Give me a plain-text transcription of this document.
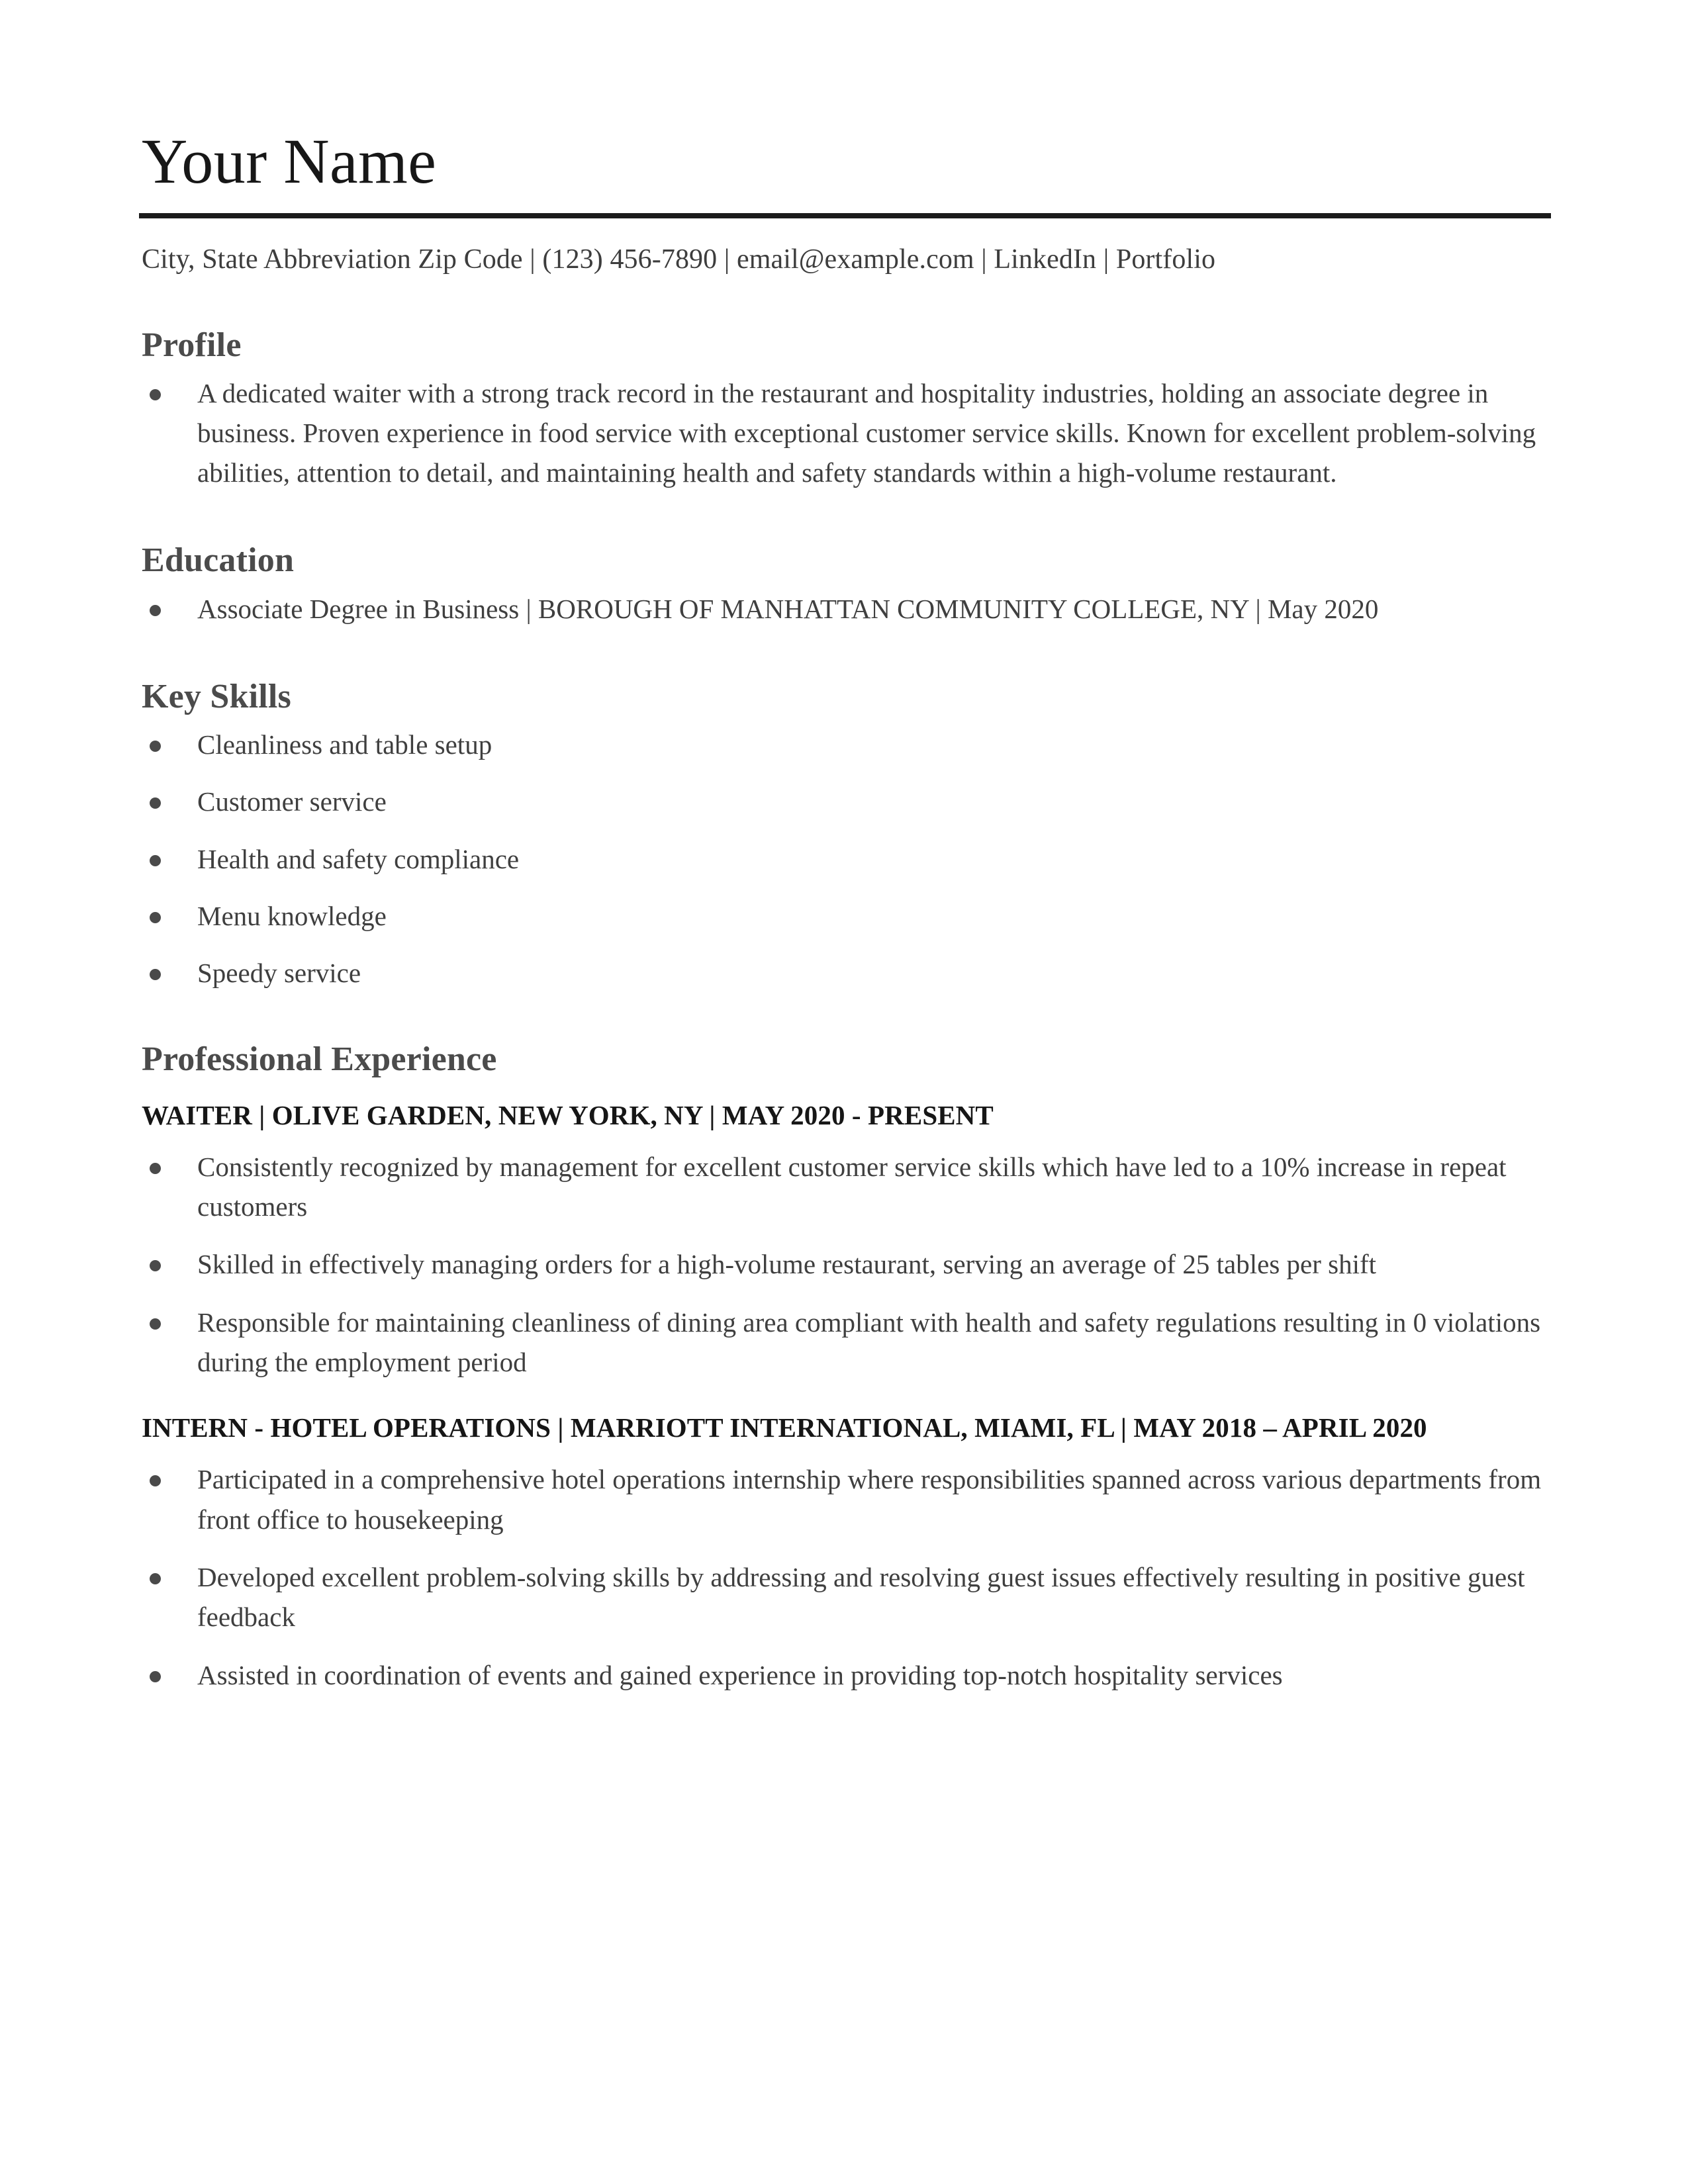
Your Name
City, State Abbreviation Zip Code | (123) 456-7890 | email@example.com | LinkedIn | Portfolio
Profile
A dedicated waiter with a strong track record in the restaurant and hospitality industries, holding an associate degree in business. Proven experience in food service with exceptional customer service skills. Known for excellent problem-solving abilities, attention to detail, and maintaining health and safety standards within a high-volume restaurant.
Education
Associate Degree in Business | BOROUGH OF MANHATTAN COMMUNITY COLLEGE, NY | May 2020
Key Skills
Cleanliness and table setup
Customer service
Health and safety compliance
Menu knowledge
Speedy service
Professional Experience
WAITER | OLIVE GARDEN, NEW YORK, NY | MAY 2020 - PRESENT
Consistently recognized by management for excellent customer service skills which have led to a 10% increase in repeat customers
Skilled in effectively managing orders for a high-volume restaurant, serving an average of 25 tables per shift
Responsible for maintaining cleanliness of dining area compliant with health and safety regulations resulting in 0 violations during the employment period
INTERN - HOTEL OPERATIONS | MARRIOTT INTERNATIONAL, MIAMI, FL | MAY 2018 – APRIL 2020
Participated in a comprehensive hotel operations internship where responsibilities spanned across various departments from front office to housekeeping
Developed excellent problem-solving skills by addressing and resolving guest issues effectively resulting in positive guest feedback
Assisted in coordination of events and gained experience in providing top-notch hospitality services
